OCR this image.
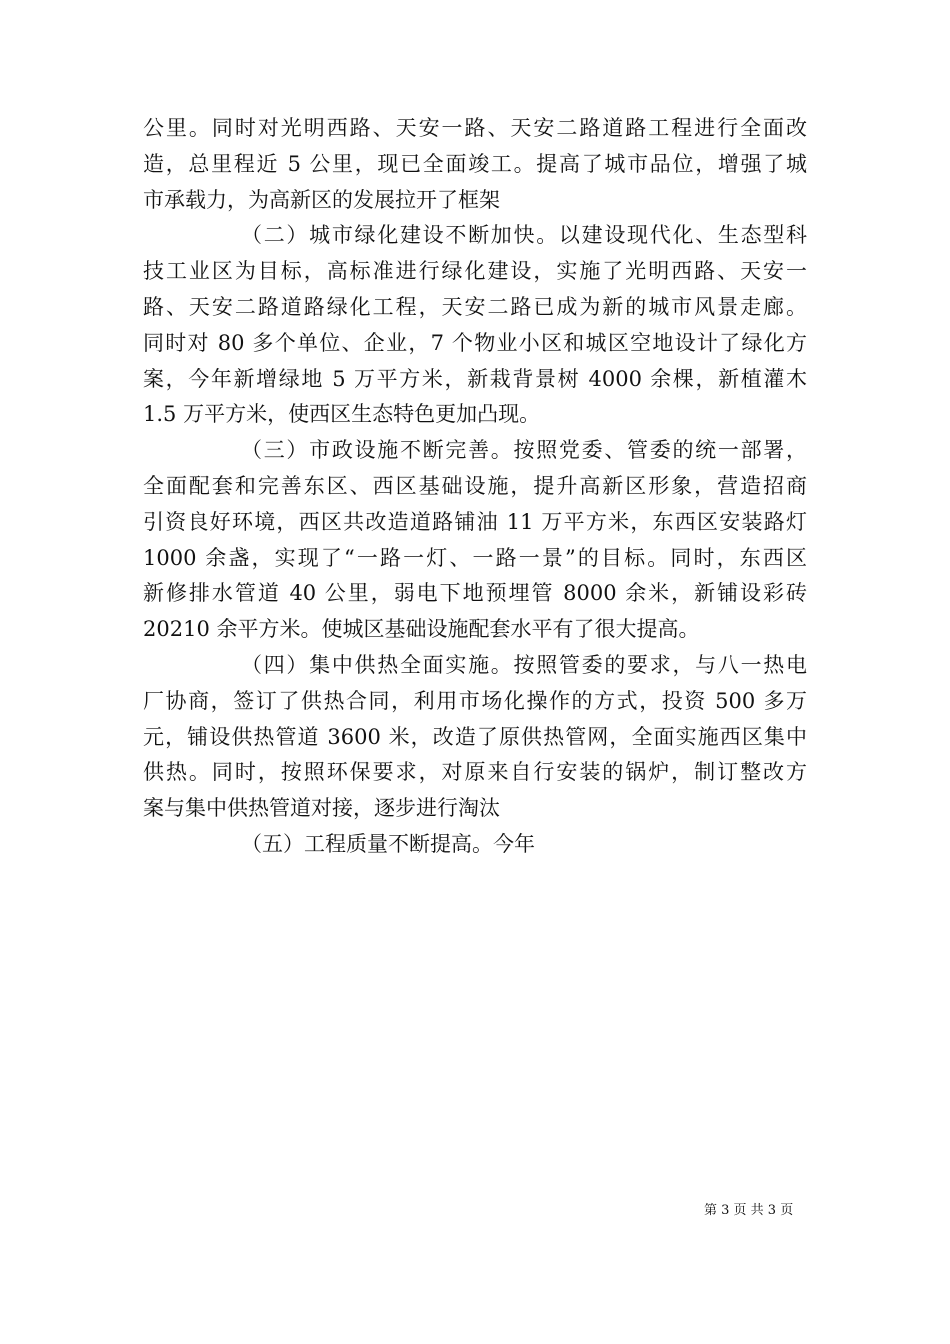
公里。同时对光明西路、天安一路、天安二路道路工程进行全面改
造，总里程近 5 公里，现已全面竣工。提高了城市品位，增强了城
市承载力，为高新区的发展拉开了框架
（二）城市绿化建设不断加快。以建设现代化、生态型科
技工业区为目标，高标准进行绿化建设，实施了光明西路、天安一
路、天安二路道路绿化工程，天安二路已成为新的城市风景走廊。
同时对 80 多个单位、企业，7 个物业小区和城区空地设计了绿化方
案，今年新增绿地 5 万平方米，新栽背景树 4000 余棵，新植灌木
1.5 万平方米，使西区生态特色更加凸现。
（三）市政设施不断完善。按照党委、管委的统一部署，
全面配套和完善东区、西区基础设施，提升高新区形象，营造招商
引资良好环境，西区共改造道路铺油 11 万平方米，东西区安装路灯
1000 余盏，实现了“一路一灯、一路一景”的目标。同时，东西区
新修排水管道 40 公里，弱电下地预埋管 8000 余米，新铺设彩砖
20210 余平方米。使城区基础设施配套水平有了很大提高。
（四）集中供热全面实施。按照管委的要求，与八一热电
厂协商，签订了供热合同，利用市场化操作的方式，投资 500 多万
元，铺设供热管道 3600 米，改造了原供热管网，全面实施西区集中
供热。同时，按照环保要求，对原来自行安装的锅炉，制订整改方
案与集中供热管道对接，逐步进行淘汰
（五）工程质量不断提高。今年
第 3 页 共 3 页
